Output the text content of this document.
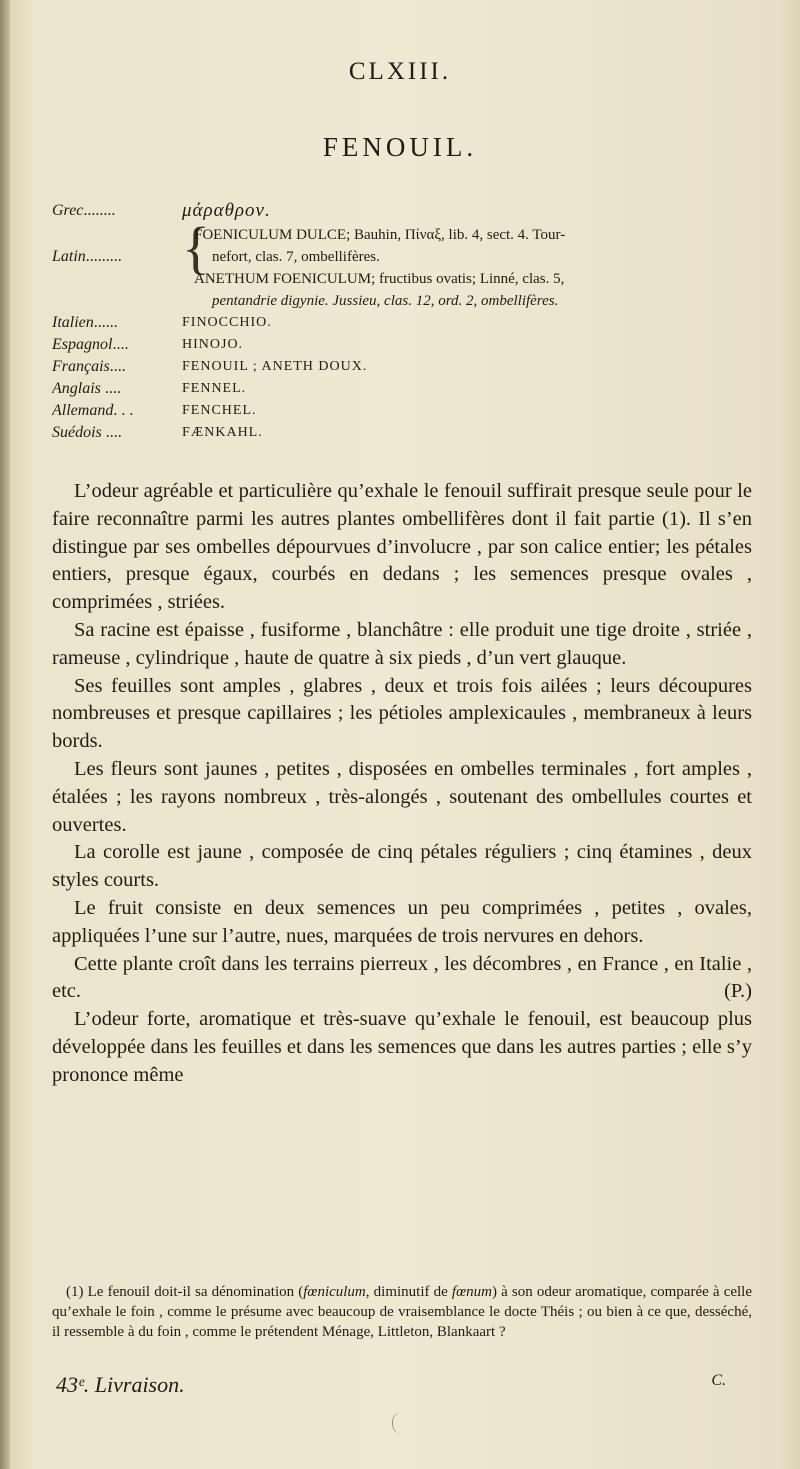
CLXIII.
FENOUIL.
Grec........	μάραθρον.
Latin.........	{
FOENICULUM DULCE; Bauhin, Πίναξ, lib. 4, sect. 4. Tour-
nefort, clas. 7, ombellifères.
ANETHUM FOENICULUM; fructibus ovatis; Linné, clas. 5,
pentandrie digynie. Jussieu, clas. 12, ord. 2, ombellifères.
Italien......	FINOCCHIO.
Espagnol....	HINOJO.
Français....	FENOUIL ; ANETH DOUX.
Anglais ....	FENNEL.
Allemand. . .	FENCHEL.
Suédois ....	FÆNKAHL.

L’odeur agréable et particulière qu’exhale le fenouil suffirait presque seule pour le faire reconnaître parmi les autres plantes ombellifères dont il fait partie (1). Il s’en distingue par ses ombelles dépourvues d’involucre , par son calice entier; les pétales entiers, presque égaux, courbés en dedans ; les semences presque ovales , comprimées , striées.

Sa racine est épaisse , fusiforme , blanchâtre : elle produit une tige droite , striée , rameuse , cylindrique , haute de quatre à six pieds , d’un vert glauque.

Ses feuilles sont amples , glabres , deux et trois fois ailées ; leurs découpures nombreuses et presque capillaires ; les pétioles amplexicaules , membraneux à leurs bords.

Les fleurs sont jaunes , petites , disposées en ombelles terminales , fort amples , étalées ; les rayons nombreux , très-alongés , soutenant des ombellules courtes et ouvertes.

La corolle est jaune , composée de cinq pétales réguliers ; cinq étamines , deux styles courts.

Le fruit consiste en deux semences un peu comprimées , petites , ovales, appliquées l’une sur l’autre, nues, marquées de trois nervures en dehors.

Cette plante croît dans les terrains pierreux , les décombres , en France , en Italie , etc.	(P.)

L’odeur forte, aromatique et très-suave qu’exhale le fenouil, est beaucoup plus développée dans les feuilles et dans les semences que dans les autres parties ; elle s’y prononce même

(1) Le fenouil doit-il sa dénomination (fœniculum, diminutif de fœnum) à son odeur aromatique, comparée à celle qu’exhale le foin , comme le présume avec beaucoup de vraisemblance le docte Théis ; ou bien à ce que, desséché, il ressemble à du foin , comme le prétendent Ménage, Littleton, Blankaart ?

43ᵉ. Livraison.	C.
